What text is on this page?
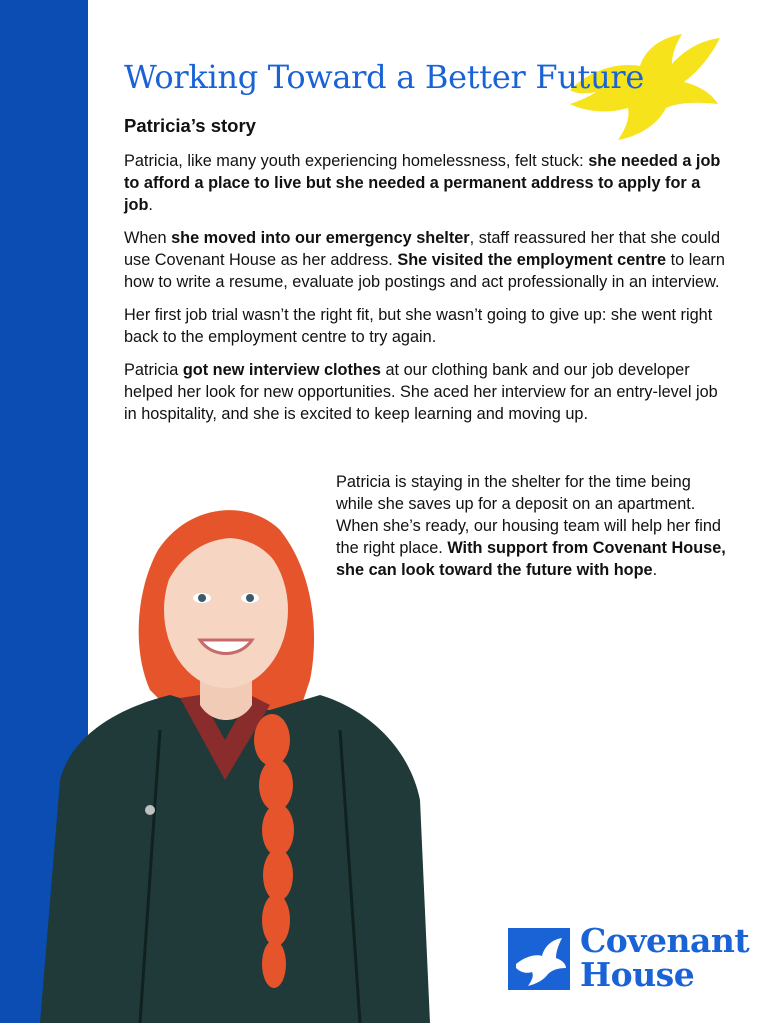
Working Toward a Better Future
Patricia’s story

Patricia, like many youth experiencing homelessness, felt stuck: she needed a job to afford a place to live but she needed a permanent address to apply for a job.

When she moved into our emergency shelter, staff reassured her that she could use Covenant House as her address. She visited the employment centre to learn how to write a resume, evaluate job postings and act professionally in an interview.

Her first job trial wasn’t the right fit, but she wasn’t going to give up: she went right back to the employment centre to try again.

Patricia got new interview clothes at our clothing bank and our job developer helped her look for new opportunities. She aced her interview for an entry-level job in hospitality, and she is excited to keep learning and moving up.

Patricia is staying in the shelter for the time being while she saves up for a deposit on an apartment. When she’s ready, our housing team will help her find the right place. With support from Covenant House, she can look toward the future with hope.

Covenant
House
